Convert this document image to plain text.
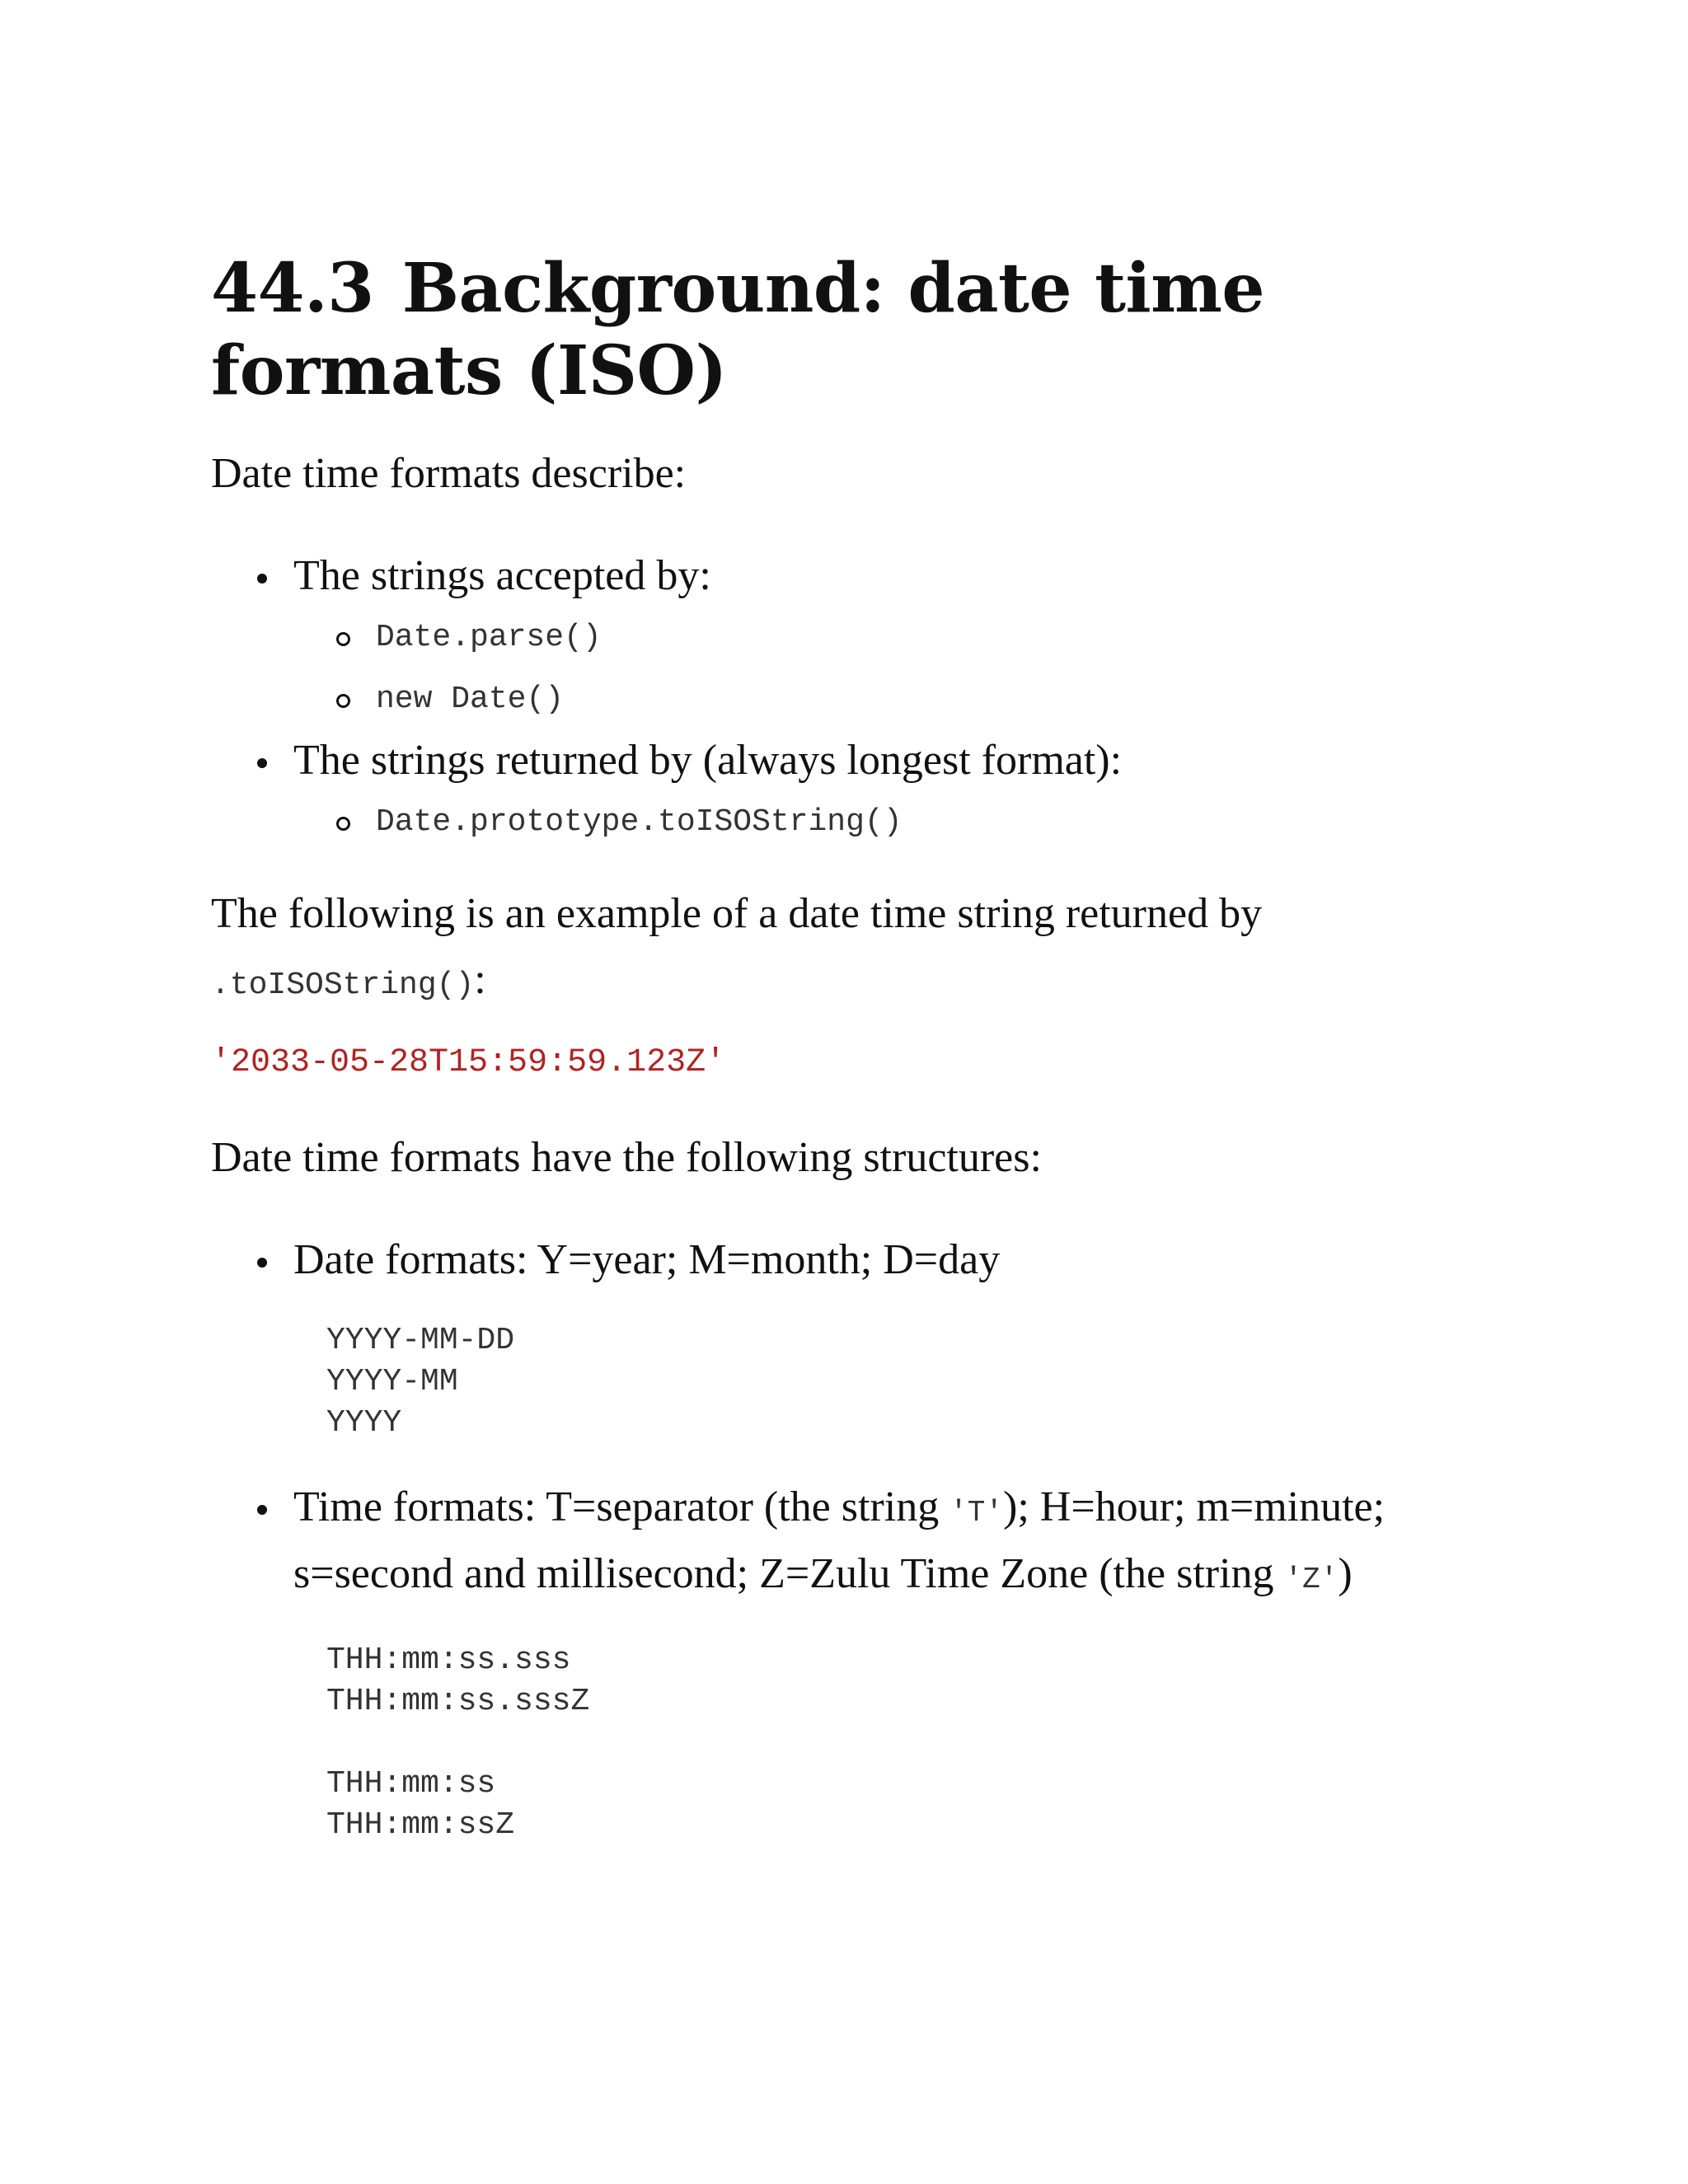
44.3 Background: date time formats (ISO)

Date time formats describe:

The strings accepted by:
Date.parse()
new Date()
The strings returned by (always longest format):
Date.prototype.toISOString()

The following is an example of a date time string returned by
.toISOString():

'2033-05-28T15:59:59.123Z'

Date time formats have the following structures:

Date formats: Y=year; M=month; D=day
YYYY-MM-DD
YYYY-MM
YYYY
Time formats: T=separator (the string 'T'); H=hour; m=minute; s=second and millisecond; Z=Zulu Time Zone (the string 'Z')
THH:mm:ss.sss
THH:mm:ss.sssZ

THH:mm:ss
THH:mm:ssZ
